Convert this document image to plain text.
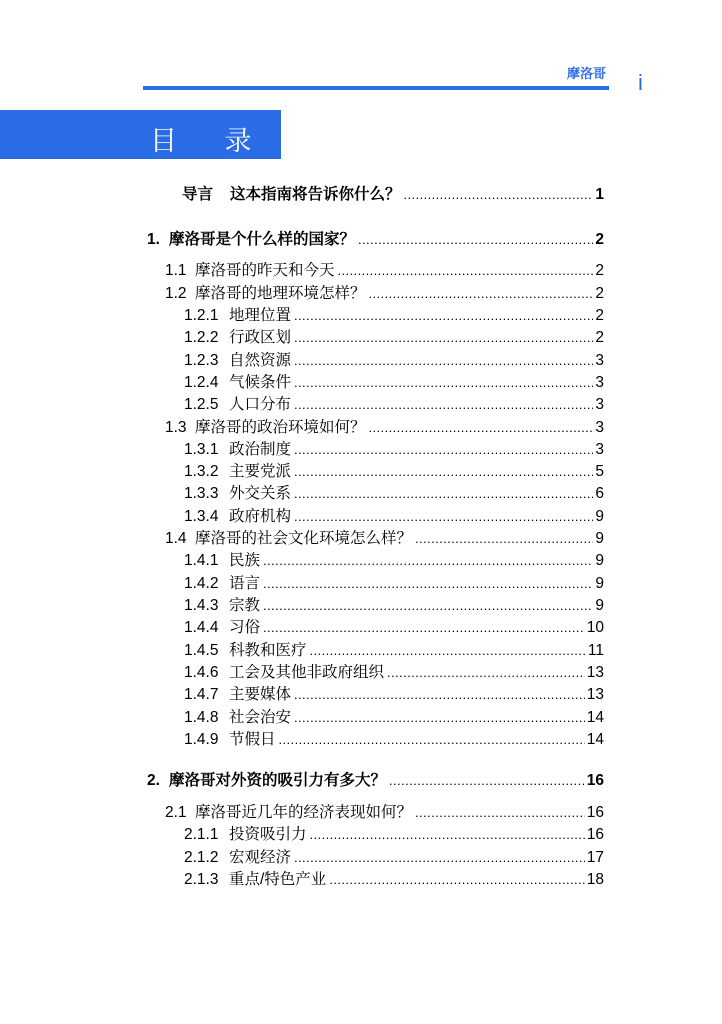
摩洛哥 i
目 录
导言	这本指南将告诉你什么？ .....	1
1. 摩洛哥是个什么样的国家？ .....	2
1.1 摩洛哥的昨天和今天 .....	2
1.2 摩洛哥的地理环境怎样？ .....	2
1.2.1 地理位置 .....	2
1.2.2 行政区划 .....	2
1.2.3 自然资源 .....	3
1.2.4 气候条件 .....	3
1.2.5 人口分布 .....	3
1.3 摩洛哥的政治环境如何？ .....	3
1.3.1 政治制度 .....	3
1.3.2 主要党派 .....	5
1.3.3 外交关系 .....	6
1.3.4 政府机构 .....	9
1.4 摩洛哥的社会文化环境怎么样？ .....	9
1.4.1 民族 .....	9
1.4.2 语言 .....	9
1.4.3 宗教 .....	9
1.4.4 习俗 .....	10
1.4.5 科教和医疗 .....	11
1.4.6 工会及其他非政府组织 .....	13
1.4.7 主要媒体 .....	13
1.4.8 社会治安 .....	14
1.4.9 节假日 .....	14
2. 摩洛哥对外资的吸引力有多大？ .....	16
2.1 摩洛哥近几年的经济表现如何？ .....	16
2.1.1 投资吸引力 .....	16
2.1.2 宏观经济 .....	17
2.1.3 重点/特色产业 .....	18
